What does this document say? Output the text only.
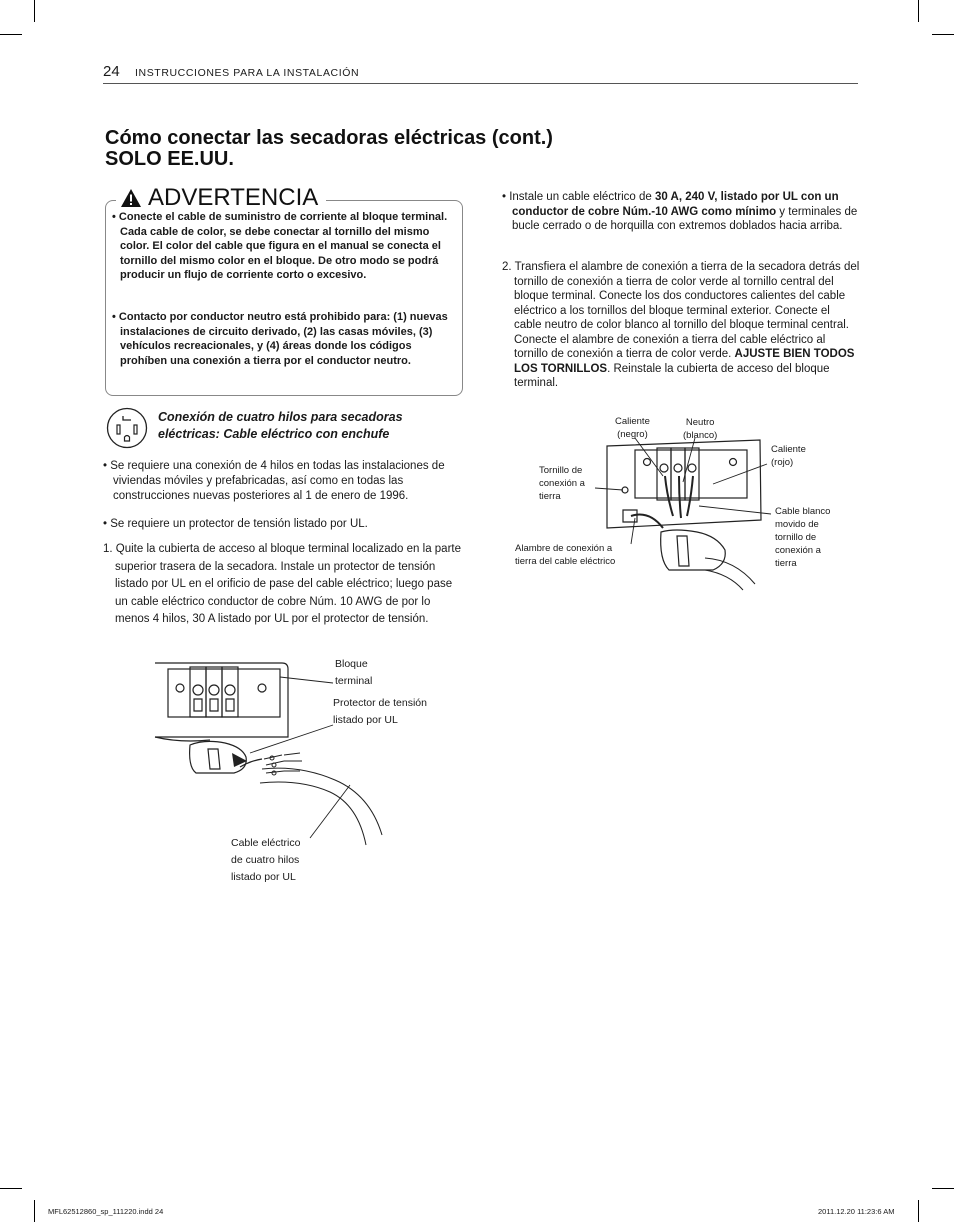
24 INSTRUCCIONES PARA LA INSTALACIÓN
Cómo conectar las secadoras eléctricas (cont.)
SOLO EE.UU.
ADVERTENCIA

• Conecte el cable de suministro de corriente al bloque terminal. Cada cable de color, se debe conectar al tornillo del mismo color. El color del cable que figura en el manual se conecta el tornillo del mismo color en el bloque. De otro modo se podrá producir un flujo de corriente corto o excesivo.

• Contacto por conductor neutro está prohibido para: (1) nuevas instalaciones de circuito derivado, (2) las casas móviles, (3) vehículos recreacionales, y (4) áreas donde los códigos prohíben una conexión a tierra por el conductor neutro.

Conexión de cuatro hilos para secadoras
eléctricas: Cable eléctrico con enchufe

• Se requiere una conexión de 4 hilos en todas las instalaciones de viviendas móviles y prefabricadas, así como en todas las construcciones nuevas posteriores al 1 de enero de 1996.

• Se requiere un protector de tensión listado por UL.

1. Quite la cubierta de acceso al bloque terminal localizado en la parte superior trasera de la secadora. Instale un protector de tensión listado por UL en el orificio de pase del cable eléctrico; luego pase un cable eléctrico conductor de cobre Núm. 10 AWG de por lo menos 4 hilos, 30 A listado por UL por el protector de tensión.

• Instale un cable eléctrico de 30 A, 240 V, listado por UL con un conductor de cobre Núm.-10 AWG como mínimo y terminales de bucle cerrado o de horquilla con extremos doblados hacia arriba.

2. Transfiera el alambre de conexión a tierra de la secadora detrás del tornillo de conexión a tierra de color verde al tornillo central del bloque terminal. Conecte los dos conductores calientes del cable eléctrico a los tornillos del bloque terminal exterior. Conecte el cable neutro de color blanco al tornillo del bloque terminal central. Conecte el alambre de conexión a tierra del cable eléctrico al tornillo de conexión a tierra de color verde. AJUSTE BIEN TODOS LOS TORNILLOS. Reinstale la cubierta de acceso del bloque terminal.

Bloque
terminal
Protector de tensión
listado por UL
Cable eléctrico
de cuatro hilos
listado por UL
Caliente
(negro)
Neutro
(blanco)
Caliente
(rojo)
Tornillo de
conexión a
tierra
Cable blanco
movido de
tornillo de
conexión a
tierra
Alambre de conexión a
tierra del cable eléctrico
MFL62512860_sp_111220.indd 24	2011.12.20 11:23:6 AM
